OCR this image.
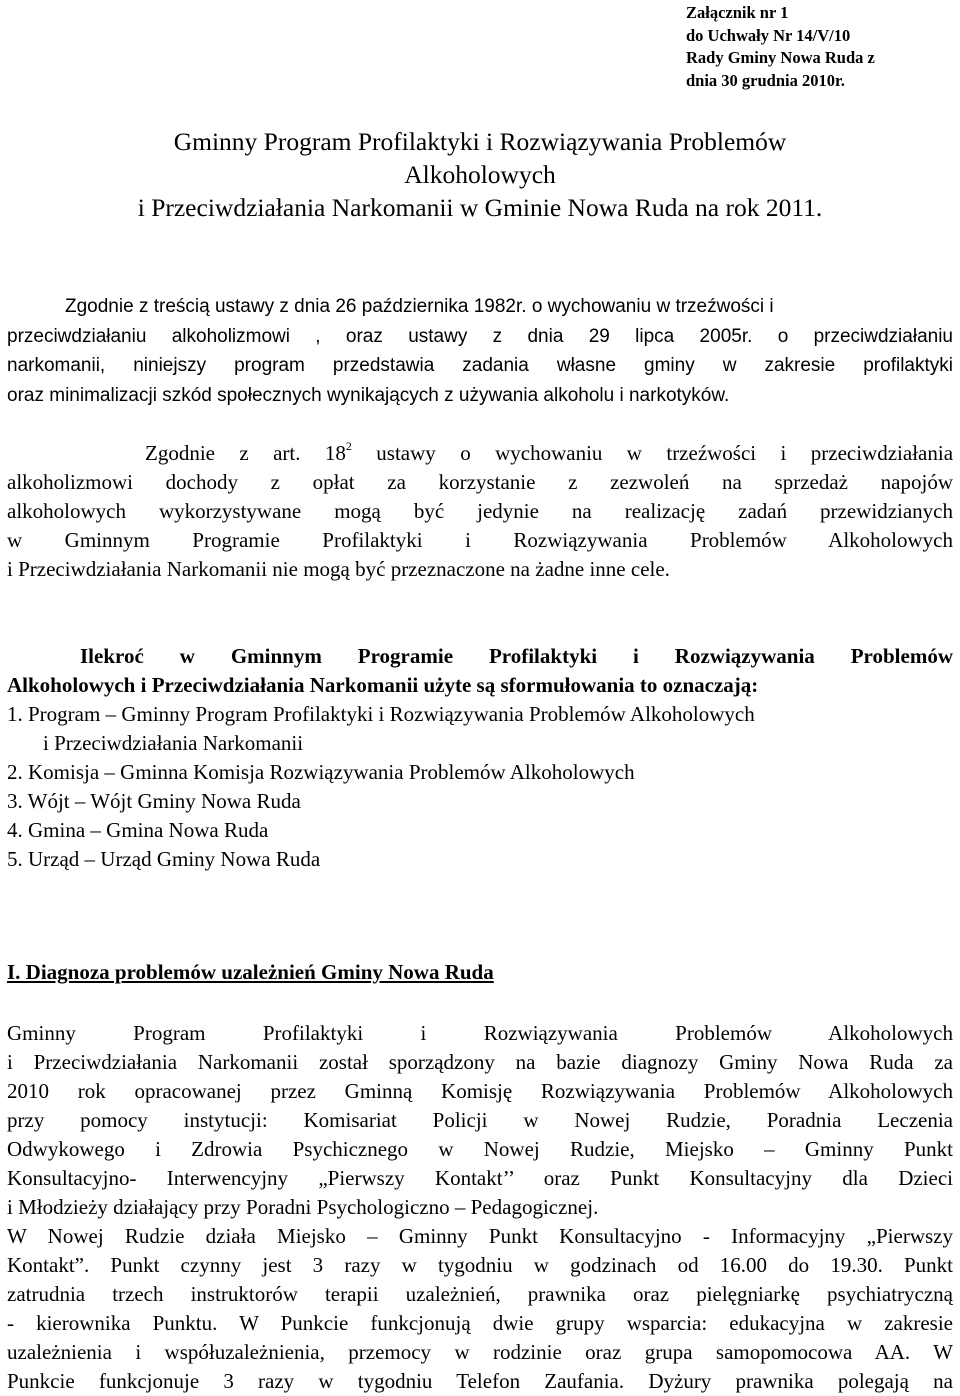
Załącznik nr 1
do Uchwały Nr 14/V/10
Rady Gminy Nowa Ruda z
dnia 30 grudnia 2010r.
Gminny Program Profilaktyki i Rozwiązywania Problemów
Alkoholowych
i Przeciwdziałania Narkomanii w Gminie Nowa Ruda na rok 2011.
Zgodnie z treścią ustawy z dnia 26 października 1982r. o wychowaniu w trzeźwości i
przeciwdziałaniu alkoholizmowi , oraz ustawy z dnia 29 lipca 2005r. o przeciwdziałaniu
narkomanii, niniejszy program przedstawia zadania własne gminy w zakresie profilaktyki
oraz minimalizacji szkód społecznych wynikających z używania alkoholu i narkotyków.
Zgodnie z art. $18^2$ ustawy o wychowaniu w trzeźwości i przeciwdziałania
alkoholizmowi dochody z opłat za korzystanie z zezwoleń na sprzedaż napojów
alkoholowych wykorzystywane mogą być jedynie na realizację zadań przewidzianych
w Gminnym Programie Profilaktyki i Rozwiązywania Problemów Alkoholowych
i Przeciwdziałania Narkomanii nie mogą być przeznaczone na żadne inne cele.
Ilekroć w Gminnym Programie Profilaktyki i Rozwiązywania Problemów
Alkoholowych i Przeciwdziałania Narkomanii użyte są sformułowania to oznaczają:
1. Program – Gminny Program Profilaktyki i Rozwiązywania Problemów Alkoholowych
i Przeciwdziałania Narkomanii
2. Komisja – Gminna Komisja Rozwiązywania Problemów Alkoholowych
3. Wójt – Wójt Gminy Nowa Ruda
4. Gmina – Gmina Nowa Ruda
5. Urząd – Urząd Gminy Nowa Ruda
I. Diagnoza problemów uzależnień Gminy Nowa Ruda
Gminny Program Profilaktyki i Rozwiązywania Problemów Alkoholowych
i Przeciwdziałania Narkomanii został sporządzony na bazie diagnozy Gminy Nowa Ruda za
2010 rok opracowanej przez Gminną Komisję Rozwiązywania Problemów Alkoholowych
przy pomocy instytucji: Komisariat Policji w Nowej Rudzie, Poradnia Leczenia
Odwykowego i Zdrowia Psychicznego w Nowej Rudzie, Miejsko – Gminny Punkt
Konsultacyjno- Interwencyjny „Pierwszy Kontakt’’ oraz Punkt Konsultacyjny dla Dzieci
i Młodzieży działający przy Poradni Psychologiczno – Pedagogicznej.
W Nowej Rudzie działa Miejsko – Gminny Punkt Konsultacyjno - Informacyjny „Pierwszy
Kontakt”. Punkt czynny jest 3 razy w tygodniu w godzinach od 16.00 do 19.30. Punkt
zatrudnia trzech instruktorów terapii uzależnień, prawnika oraz pielęgniarkę psychiatryczną
- kierownika Punktu. W Punkcie funkcjonują dwie grupy wsparcia: edukacyjna w zakresie
uzależnienia i współuzależnienia, przemocy w rodzinie oraz grupa samopomocowa AA. W
Punkcie funkcjonuje 3 razy w tygodniu Telefon Zaufania. Dyżury prawnika polegają na
